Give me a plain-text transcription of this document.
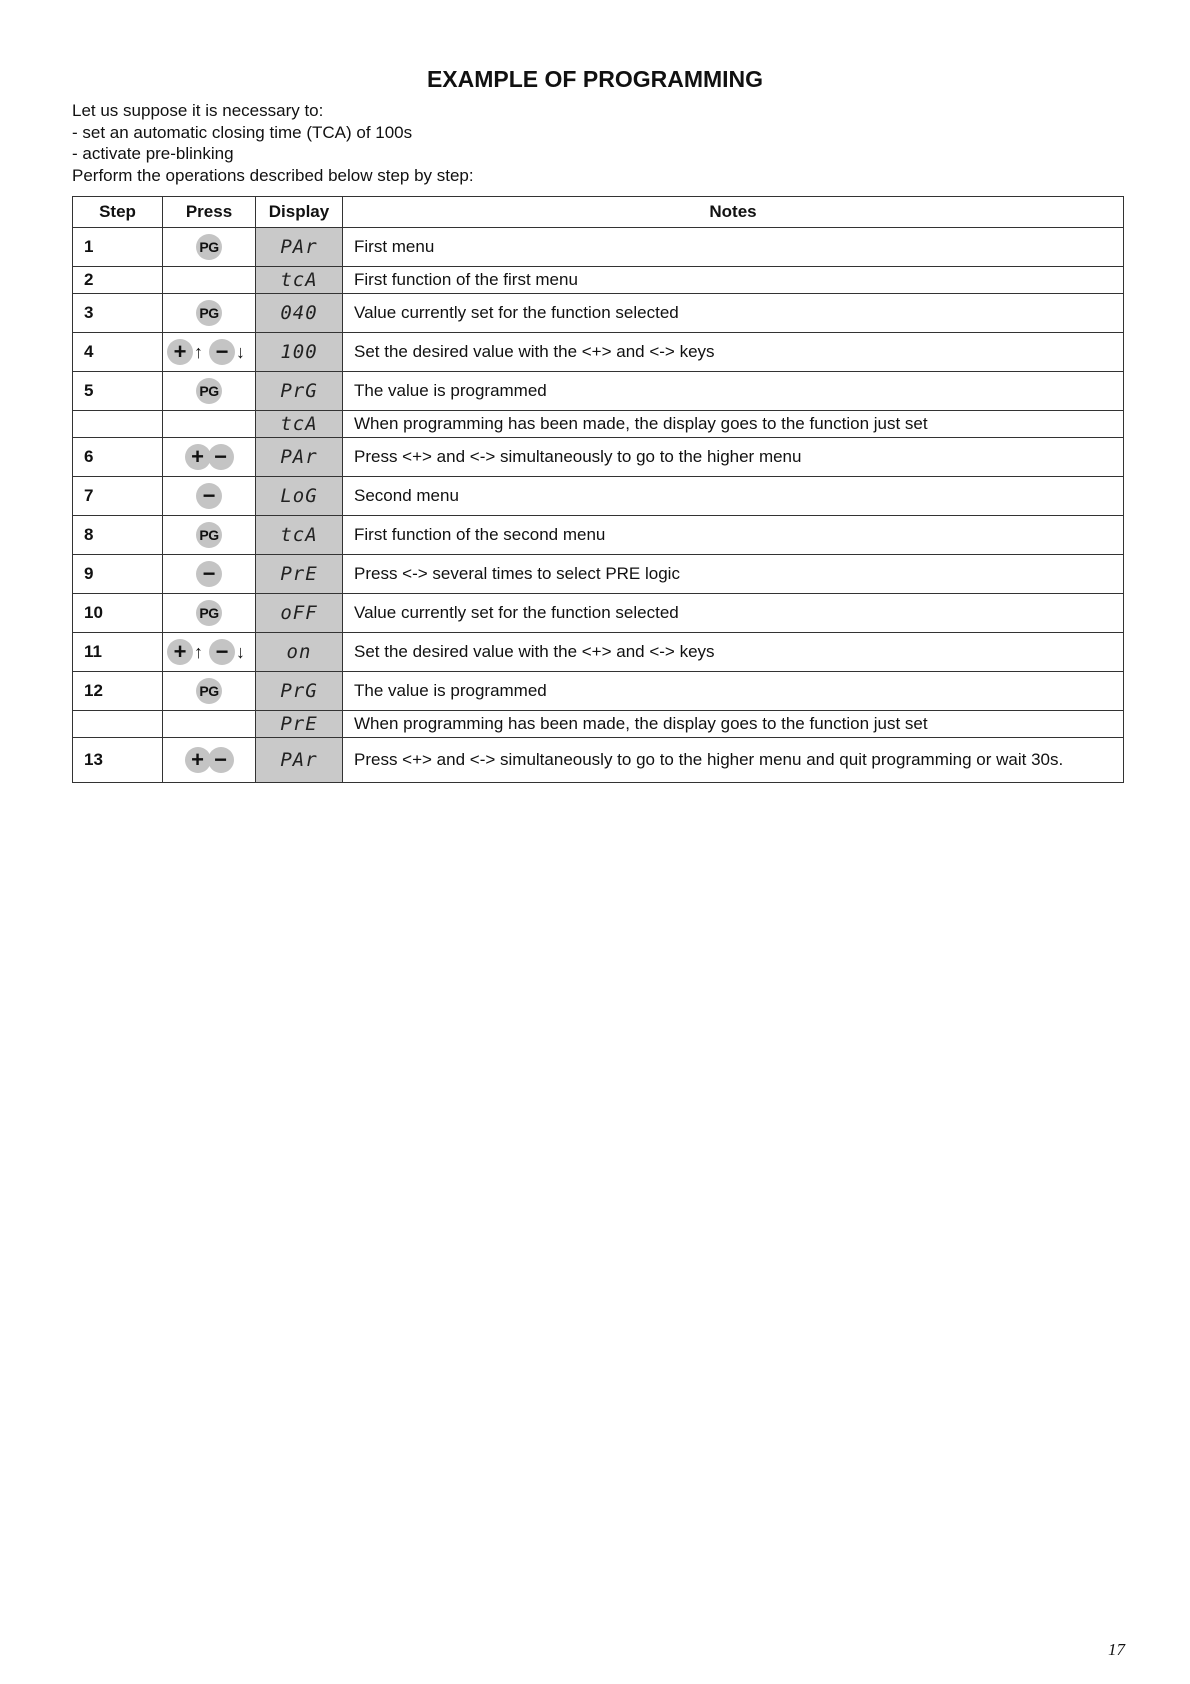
EXAMPLE OF PROGRAMMING
Let us suppose it is necessary to:
- set an automatic closing time (TCA) of 100s
- activate pre-blinking
Perform the operations described below step by step:
Step	Press	Display	Notes
1	PG	PAr	First menu
2		tcA	First function of the first menu
3	PG	040	Value currently set for the function selected
4	+ ↑ − ↓	100	Set the desired value with the <+> and <-> keys
5	PG	PrG	The value is programmed
		tcA	When programming has been made, the display goes to the function just set
6	+ −	PAr	Press <+> and <-> simultaneously to go to the higher menu
7	−	LoG	Second menu
8	PG	tcA	First function of the second menu
9	−	PrE	Press <-> several times to select PRE logic
10	PG	oFF	Value currently set for the function selected
11	+ ↑ − ↓	on	Set the desired value with the <+> and <-> keys
12	PG	PrG	The value is programmed
		PrE	When programming has been made, the display goes to the function just set
13	+ −	PAr	Press <+> and <-> simultaneously to go to the higher menu and quit programming or wait 30s.
17
